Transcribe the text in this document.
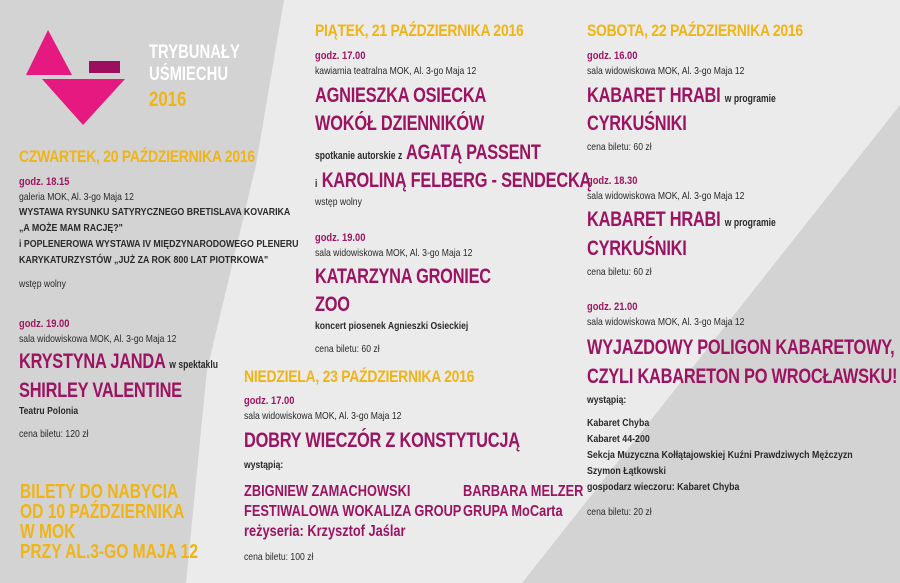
TRYBUNAŁY
UŚMIECHU
2016
CZWARTEK, 20 PAŹDZIERNIKA 2016
godz. 18.15
galeria MOK, Al. 3-go Maja 12
WYSTAWA RYSUNKU SATYRYCZNEGO BRETISLAVA KOVARIKA
„A MOŻE MAM RACJĘ?"
i POPLENEROWA WYSTAWA IV MIĘDZYNARODOWEGO PLENERU
KARYKATURZYSTÓW „JUŻ ZA ROK 800 LAT PIOTRKOWA"
wstęp wolny
godz. 19.00
sala widowiskowa MOK, Al. 3-go Maja 12
KRYSTYNA JANDA w spektaklu
SHIRLEY VALENTINE
Teatru Polonia
cena biletu: 120 zł
BILETY DO NABYCIA
OD 10 PAŹDZIERNIKA
W MOK
PRZY AL.3-GO MAJA 12
PIĄTEK, 21 PAŹDZIERNIKA 2016
godz. 17.00
kawiarnia teatralna MOK, Al. 3-go Maja 12
AGNIESZKA OSIECKA
WOKÓŁ DZIENNIKÓW
spotkanie autorskie z AGATĄ PASSENT
i KAROLINĄ FELBERG - SENDECKĄ
wstęp wolny
godz. 19.00
sala widowiskowa MOK, Al. 3-go Maja 12
KATARZYNA GRONIEC
ZOO
koncert piosenek Agnieszki Osieckiej
cena biletu: 60 zł
NIEDZIELA, 23 PAŹDZIERNIKA 2016
godz. 17.00
sala widowiskowa MOK, Al. 3-go Maja 12
DOBRY WIECZÓR Z KONSTYTUCJĄ
wystąpią:
ZBIGNIEW ZAMACHOWSKI
FESTIWALOWA WOKALIZA GROUP
reżyseria: Krzysztof Jaślar
BARBARA MELZER
GRUPA MoCarta
cena biletu: 100 zł
SOBOTA, 22 PAŹDZIERNIKA 2016
godz. 16.00
sala widowiskowa MOK, Al. 3-go Maja 12
KABARET HRABI w programie
CYRKUŚNIKI
cena biletu: 60 zł
godz. 18.30
sala widowiskowa MOK, Al. 3-go Maja 12
KABARET HRABI w programie
CYRKUŚNIKI
cena biletu: 60 zł
godz. 21.00
sala widowiskowa MOK, Al. 3-go Maja 12
WYJAZDOWY POLIGON KABARETOWY,
CZYLI KABARETON PO WROCŁAWSKU!
wystąpią:
Kabaret Chyba
Kabaret 44-200
Sekcja Muzyczna Kołłątajowskiej Kuźni Prawdziwych Mężczyzn
Szymon Łątkowski
gospodarz wieczoru: Kabaret Chyba
cena biletu: 20 zł
